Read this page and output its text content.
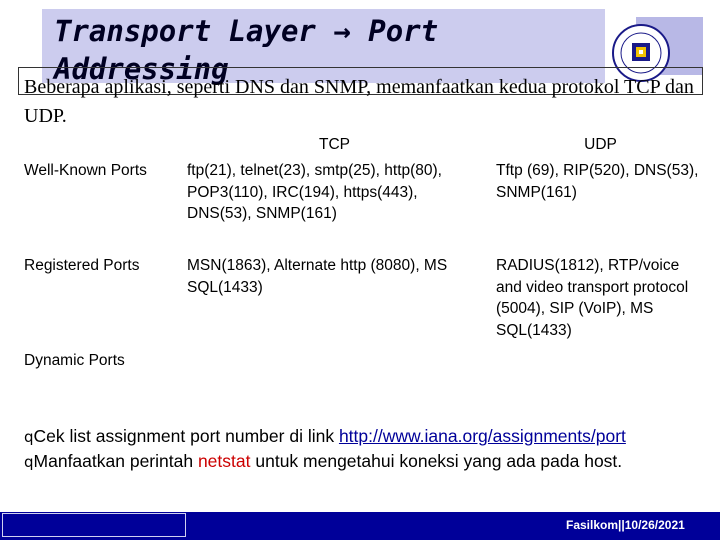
Transport Layer → Port Addressing
Beberapa aplikasi, seperti DNS dan SNMP, memanfaatkan kedua protokol TCP dan UDP.
	TCP	UDP
Well-Known Ports	ftp(21), telnet(23), smtp(25), http(80), POP3(110), IRC(194), https(443), DNS(53), SNMP(161)	Tftp (69), RIP(520), DNS(53), SNMP(161)
Registered Ports	MSN(1863), Alternate http (8080), MS SQL(1433)	RADIUS(1812), RTP/voice and video transport protocol (5004), SIP (VoIP), MS SQL(1433)
Dynamic Ports		
qCek list assignment port number di link http://www.iana.org/assignments/port
qManfaatkan perintah netstat untuk mengetahui koneksi yang ada pada host.
Fasilkom||10/26/2021
